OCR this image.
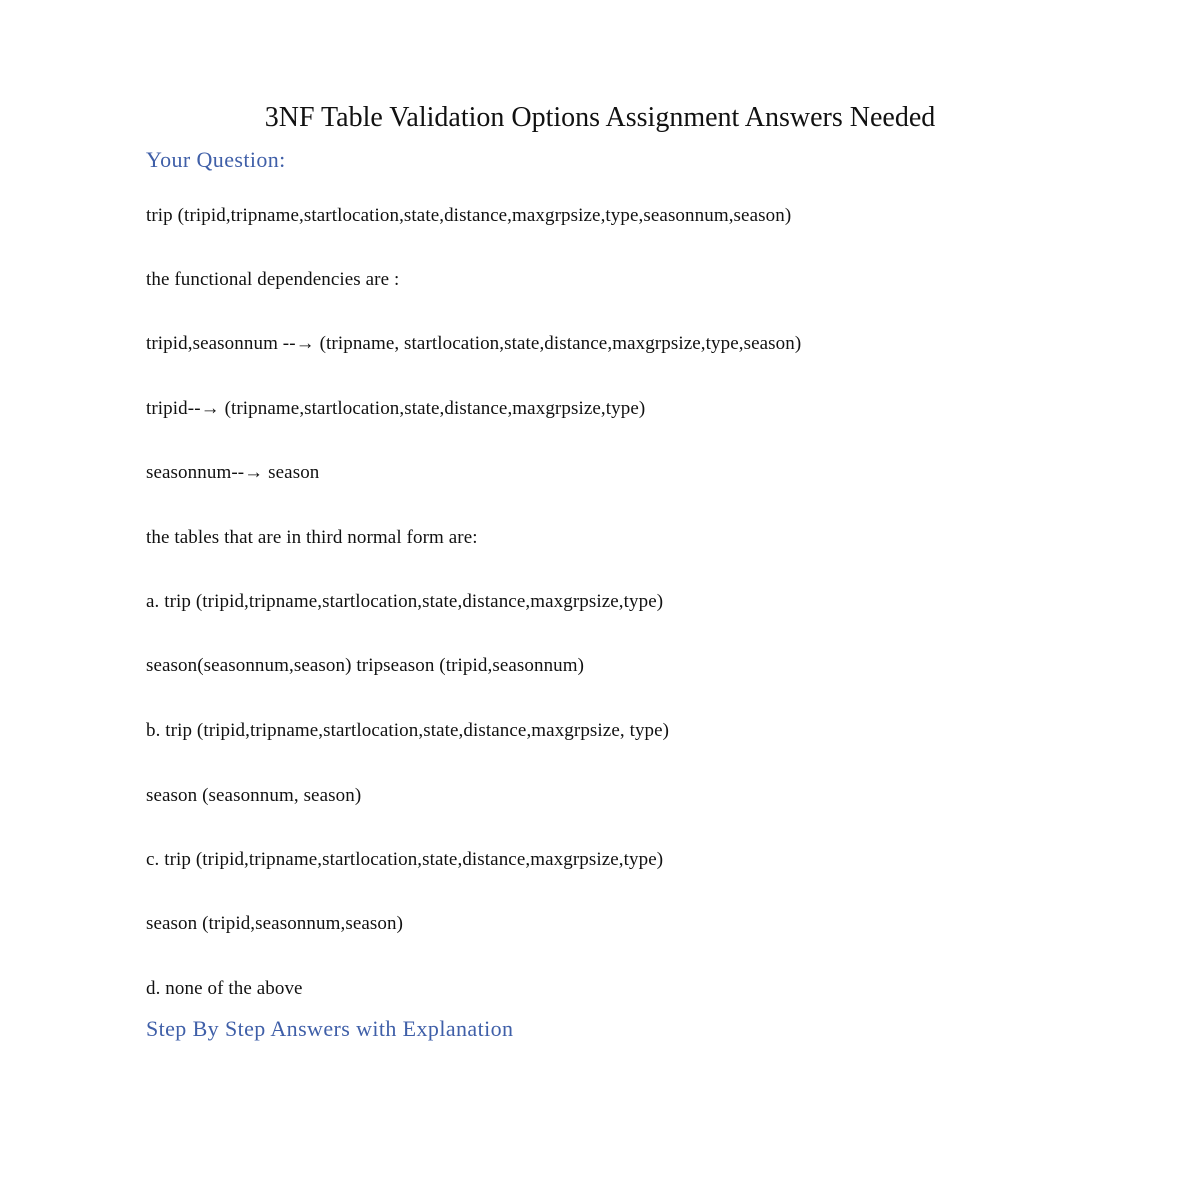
3NF Table Validation Options Assignment Answers Needed
Your Question:
trip (tripid,tripname,startlocation,state,distance,maxgrpsize,type,seasonnum,season)
the functional dependencies are :
tripid,seasonnum --→ (tripname, startlocation,state,distance,maxgrpsize,type,season)
tripid--→ (tripname,startlocation,state,distance,maxgrpsize,type)
seasonnum--→ season
the tables that are in third normal form are:
a. trip (tripid,tripname,startlocation,state,distance,maxgrpsize,type)
season(seasonnum,season) tripseason (tripid,seasonnum)
b. trip (tripid,tripname,startlocation,state,distance,maxgrpsize, type)
season (seasonnum, season)
c. trip (tripid,tripname,startlocation,state,distance,maxgrpsize,type)
season (tripid,seasonnum,season)
d. none of the above
Step By Step Answers with Explanation
